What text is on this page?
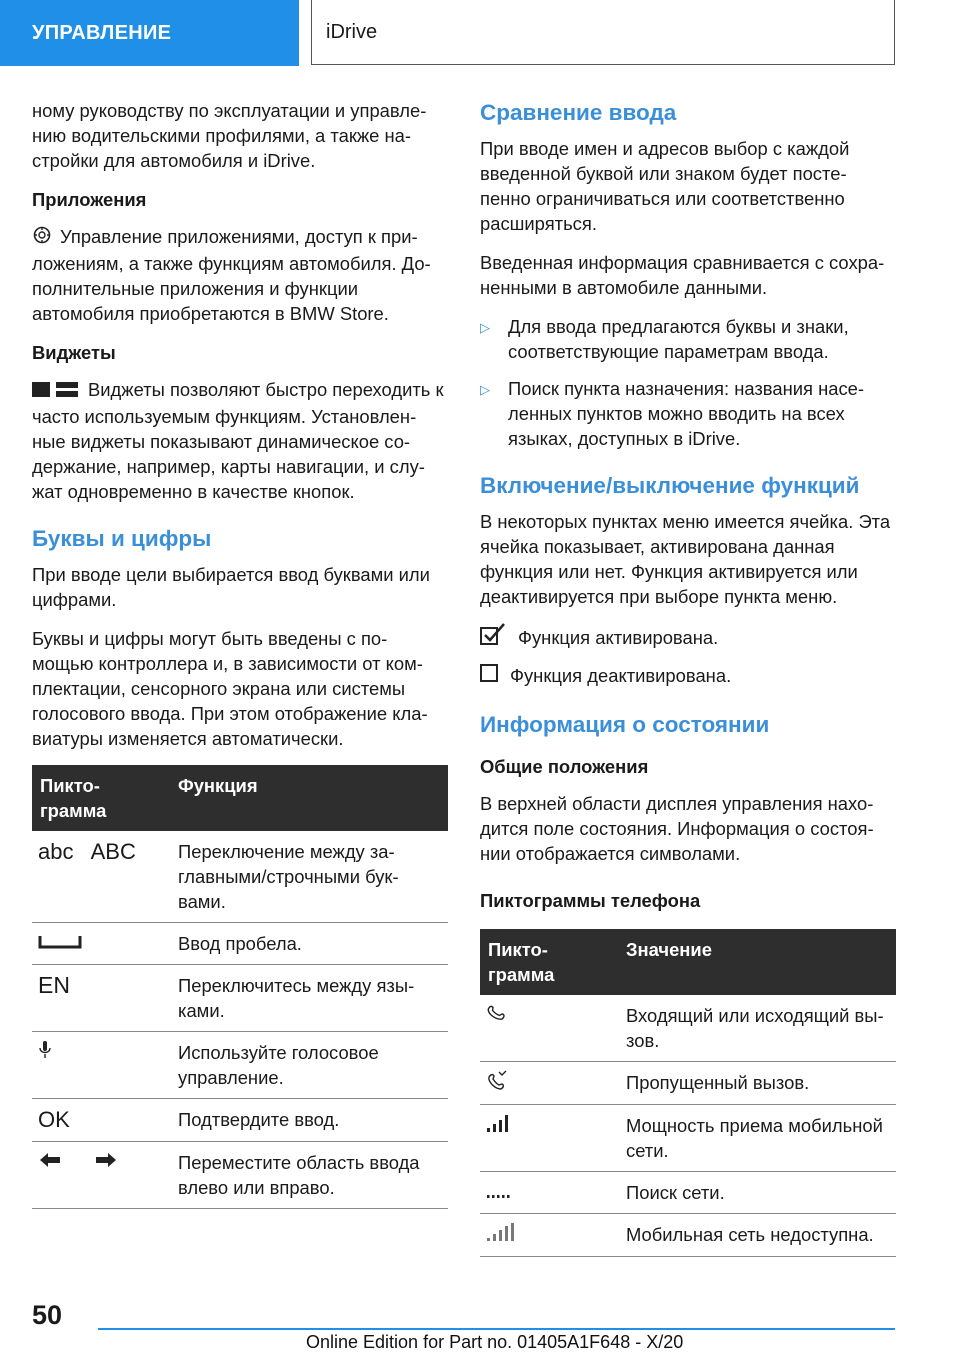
УПРАВЛЕНИЕ	iDrive

ному руководству по эксплуатации и управле-нию водительскими профилями, а также на-стройки для автомобиля и iDrive.

Приложения

Управление приложениями, доступ к при-ложениям, а также функциям автомобиля. До-полнительные приложения и функции автомобиля приобретаются в BMW Store.

Виджеты

Виджеты позволяют быстро переходить к часто используемым функциям. Установлен-ные виджеты показывают динамическое со-держание, например, карты навигации, и слу-жат одновременно в качестве кнопок.

Буквы и цифры

При вводе цели выбирается ввод буквами или цифрами.

Буквы и цифры могут быть введены с по-мощью контроллера и, в зависимости от ком-плектации, сенсорного экрана или системы голосового ввода. При этом отображение кла-виатуры изменяется автоматически.

Пикто-грамма	Функция
abc   ABC	Переключение между за-главными/строчными бук-вами.
	Ввод пробела.
EN	Переключитесь между язы-ками.
	Используйте голосовое управление.
OK	Подтвердите ввод.
	Переместите область ввода влево или вправо.
Сравнение ввода

При вводе имен и адресов выбор с каждой введенной буквой или знаком будет посте-пенно ограничиваться или соответственно расширяться.

Введенная информация сравнивается с сохра-ненными в автомобиле данными.

▷ Для ввода предлагаются буквы и знаки, соответствующие параметрам ввода.
▷ Поиск пункта назначения: названия насе-ленных пунктов можно вводить на всех языках, доступных в iDrive.
Включение/выключение функций

В некоторых пунктах меню имеется ячейка. Эта ячейка показывает, активирована данная функция или нет. Функция активируется или деактивируется при выборе пункта меню.

Функция активирована.
Функция деактивирована.
Информация о состоянии
Общие положения

В верхней области дисплея управления нахо-дится поле состояния. Информация о состоя-нии отображается символами.

Пиктограммы телефона
Пикто-грамма	Значение
	Входящий или исходящий вы-зов.
	Пропущенный вызов.
	Мощность приема мобильной сети.
	Поиск сети.
	Мобильная сеть недоступна.
50
Online Edition for Part no. 01405A1F648 - X/20
